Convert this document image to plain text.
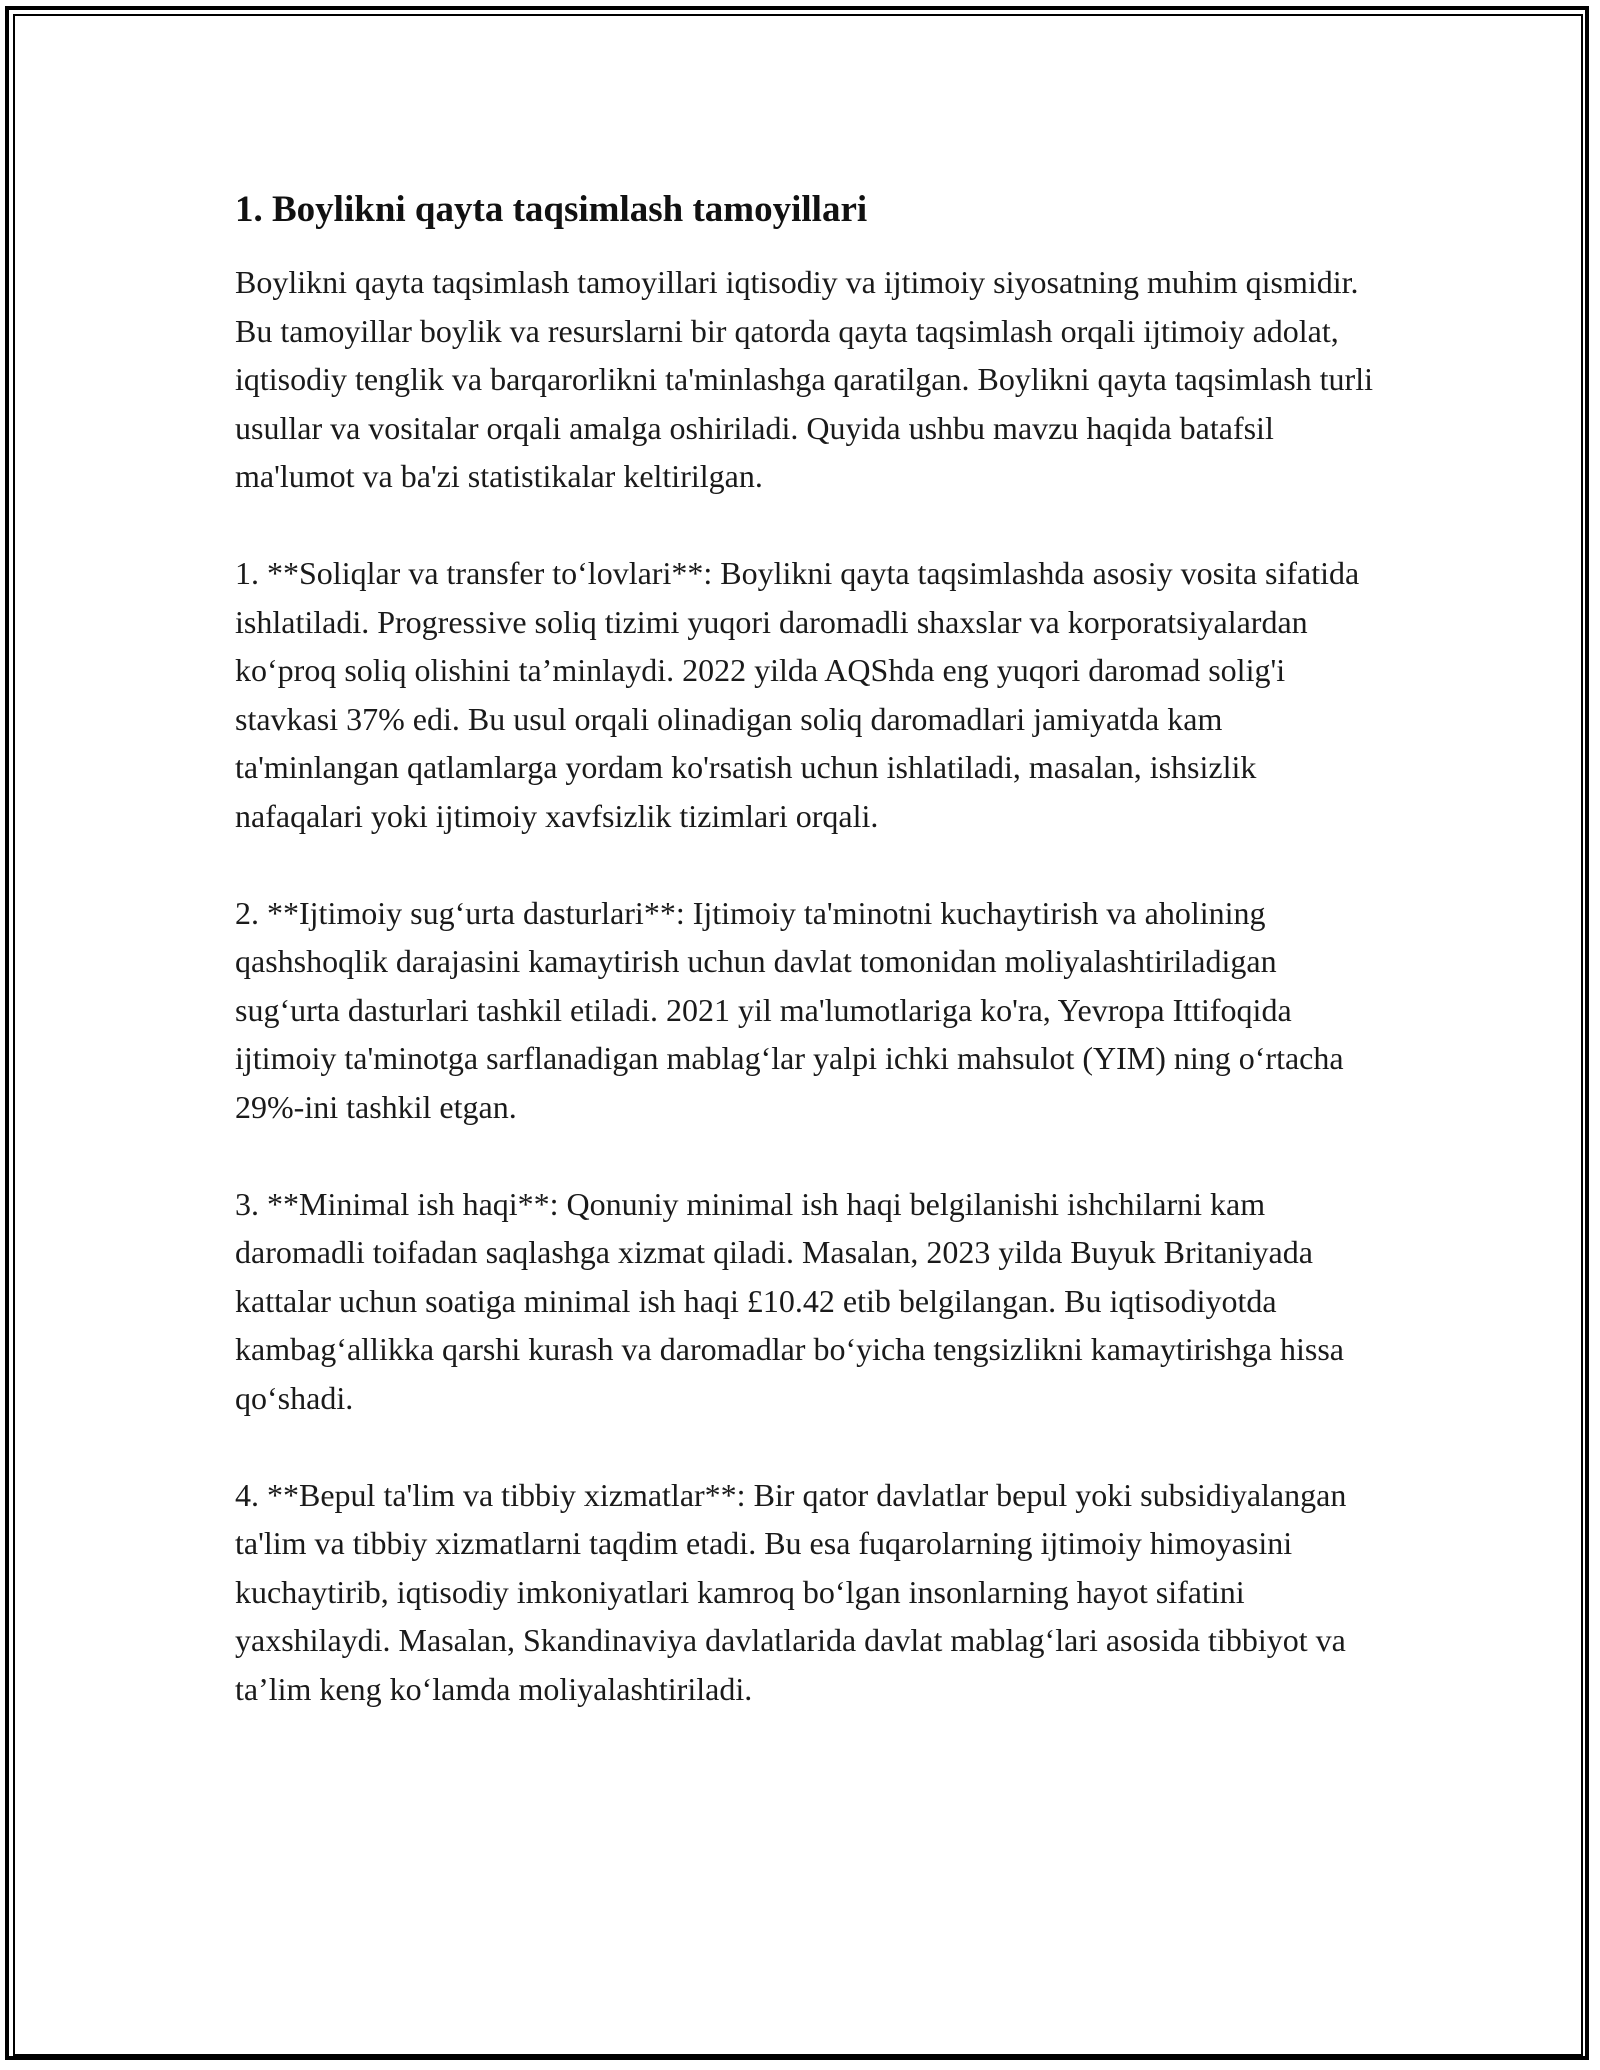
1. Boylikni qayta taqsimlash tamoyillari

Boylikni qayta taqsimlash tamoyillari iqtisodiy va ijtimoiy siyosatning muhim qismidir. Bu tamoyillar boylik va resurslarni bir qatorda qayta taqsimlash orqali ijtimoiy adolat, iqtisodiy tenglik va barqarorlikni ta'minlashga qaratilgan. Boylikni qayta taqsimlash turli usullar va vositalar orqali amalga oshiriladi. Quyida ushbu mavzu haqida batafsil ma'lumot va ba'zi statistikalar keltirilgan.

1. **Soliqlar va transfer to‘lovlari**: Boylikni qayta taqsimlashda asosiy vosita sifatida ishlatiladi. Progressive soliq tizimi yuqori daromadli shaxslar va korporatsiyalardan ko‘proq soliq olishini ta’minlaydi. 2022 yilda AQShda eng yuqori daromad solig'i stavkasi 37% edi. Bu usul orqali olinadigan soliq daromadlari jamiyatda kam ta'minlangan qatlamlarga yordam ko'rsatish uchun ishlatiladi, masalan, ishsizlik nafaqalari yoki ijtimoiy xavfsizlik tizimlari orqali.

2. **Ijtimoiy sug‘urta dasturlari**: Ijtimoiy ta'minotni kuchaytirish va aholining qashshoqlik darajasini kamaytirish uchun davlat tomonidan moliyalashtiriladigan sug‘urta dasturlari tashkil etiladi. 2021 yil ma'lumotlariga ko'ra, Yevropa Ittifoqida ijtimoiy ta'minotga sarflanadigan mablag‘lar yalpi ichki mahsulot (YIM) ning o‘rtacha 29%-ini tashkil etgan.

3. **Minimal ish haqi**: Qonuniy minimal ish haqi belgilanishi ishchilarni kam daromadli toifadan saqlashga xizmat qiladi. Masalan, 2023 yilda Buyuk Britaniyada kattalar uchun soatiga minimal ish haqi £10.42 etib belgilangan. Bu iqtisodiyotda kambag‘allikka qarshi kurash va daromadlar bo‘yicha tengsizlikni kamaytirishga hissa qo‘shadi.

4. **Bepul ta'lim va tibbiy xizmatlar**: Bir qator davlatlar bepul yoki subsidiyalangan ta'lim va tibbiy xizmatlarni taqdim etadi. Bu esa fuqarolarning ijtimoiy himoyasini kuchaytirib, iqtisodiy imkoniyatlari kamroq bo‘lgan insonlarning hayot sifatini yaxshilaydi. Masalan, Skandinaviya davlatlarida davlat mablag‘lari asosida tibbiyot va ta’lim keng ko‘lamda moliyalashtiriladi.
